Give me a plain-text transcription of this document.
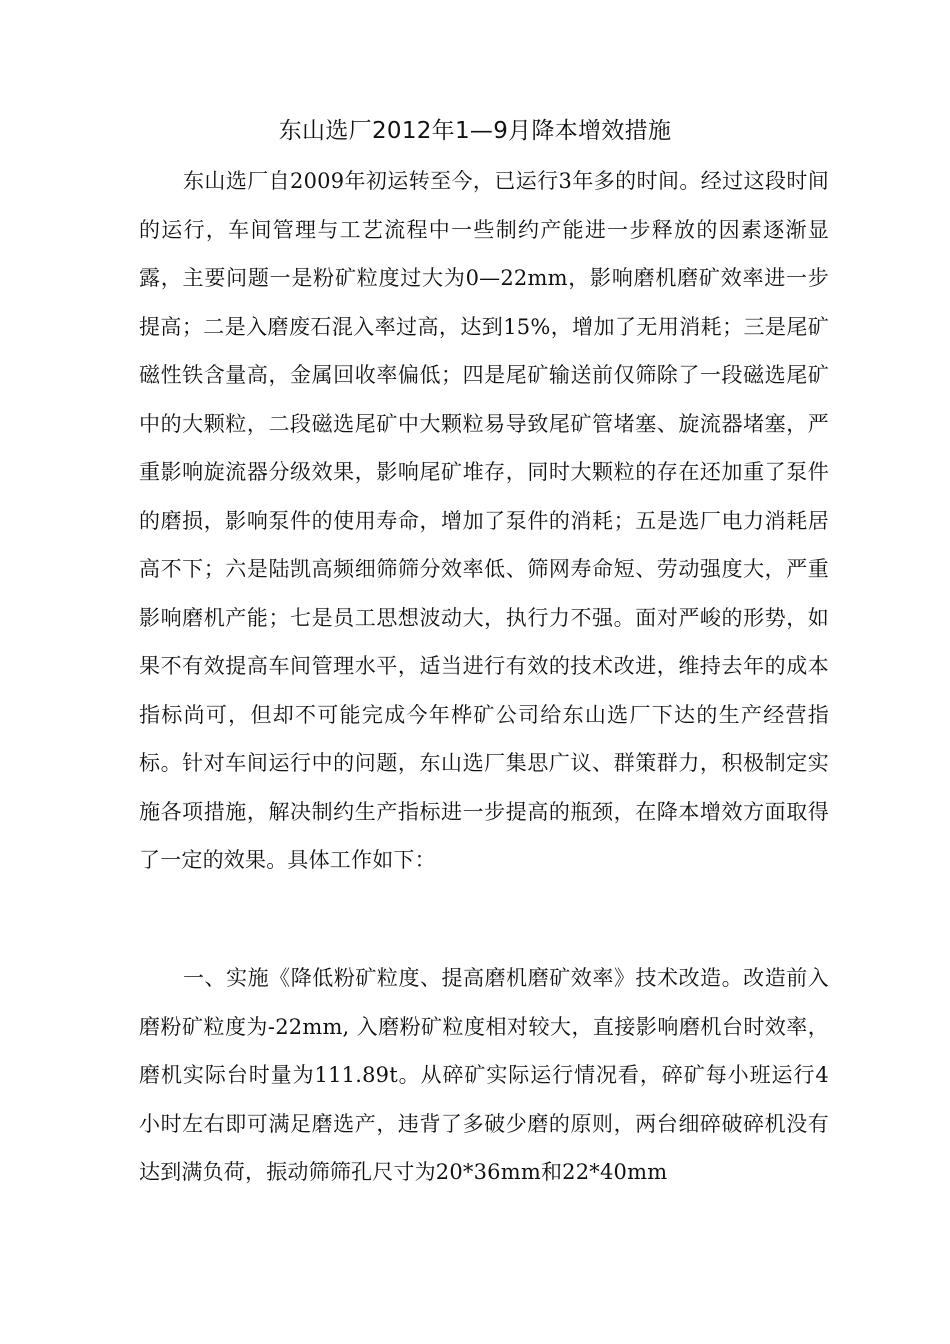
东山选厂2012年1—9月降本增效措施

东山选厂自2009年初运转至今，已运行3年多的时间。经过这段时间的运行，车间管理与工艺流程中一些制约产能进一步释放的因素逐渐显露，主要问题一是粉矿粒度过大为0—22mm，影响磨机磨矿效率进一步提高；二是入磨废石混入率过高，达到15%，增加了无用消耗；三是尾矿磁性铁含量高，金属回收率偏低；四是尾矿输送前仅筛除了一段磁选尾矿中的大颗粒，二段磁选尾矿中大颗粒易导致尾矿管堵塞、旋流器堵塞，严重影响旋流器分级效果，影响尾矿堆存，同时大颗粒的存在还加重了泵件的磨损，影响泵件的使用寿命，增加了泵件的消耗；五是选厂电力消耗居高不下；六是陆凯高频细筛筛分效率低、筛网寿命短、劳动强度大，严重影响磨机产能；七是员工思想波动大，执行力不强。面对严峻的形势，如果不有效提高车间管理水平，适当进行有效的技术改进，维持去年的成本指标尚可，但却不可能完成今年桦矿公司给东山选厂下达的生产经营指标。针对车间运行中的问题，东山选厂集思广议、群策群力，积极制定实施各项措施，解决制约生产指标进一步提高的瓶颈，在降本增效方面取得了一定的效果。具体工作如下：

一、实施《降低粉矿粒度、提高磨机磨矿效率》技术改造。改造前入磨粉矿粒度为-22mm, 入磨粉矿粒度相对较大，直接影响磨机台时效率，磨机实际台时量为111.89t。从碎矿实际运行情况看，碎矿每小班运行4小时左右即可满足磨选产，违背了多破少磨的原则，两台细碎破碎机没有达到满负荷，振动筛筛孔尺寸为20*36mm和22*40mm
